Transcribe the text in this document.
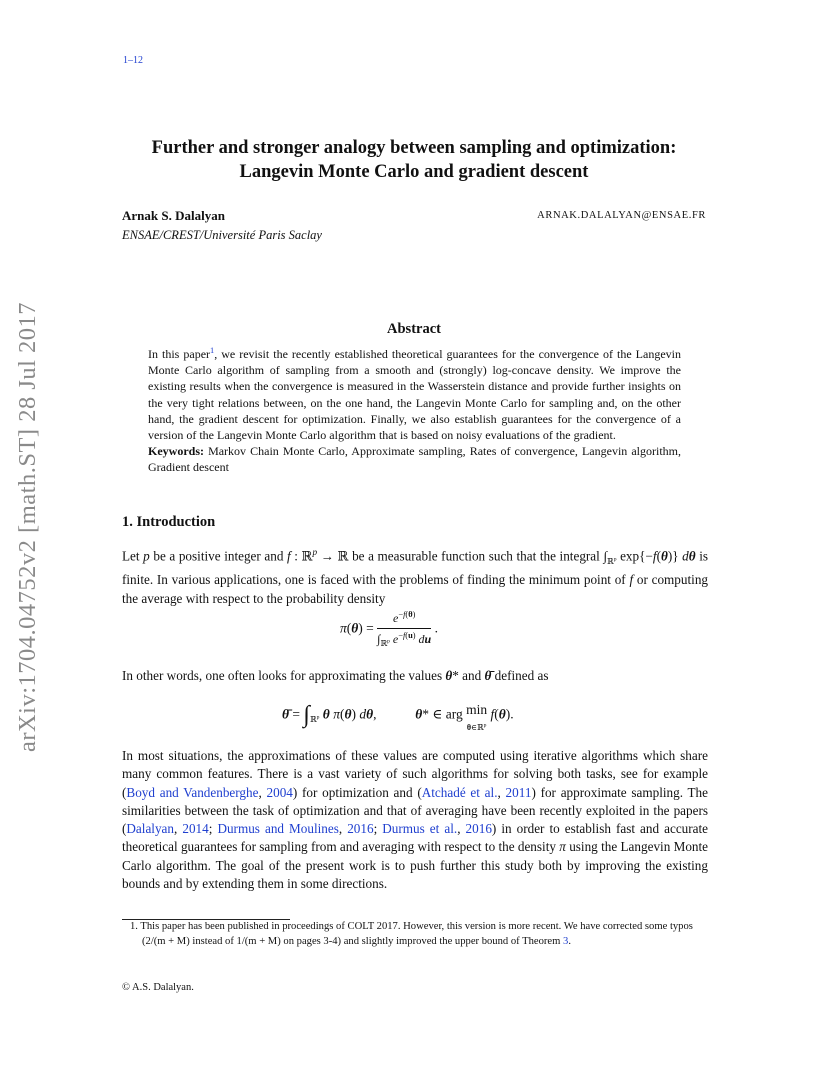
1–12
Further and stronger analogy between sampling and optimization:
Langevin Monte Carlo and gradient descent
Arnak S. Dalalyan	ARNAK.DALALYAN@ENSAE.FR
ENSAE/CREST/Université Paris Saclay
arXiv:1704.04752v2 [math.ST] 28 Jul 2017	Abstract

In this paper$^1$, we revisit the recently established theoretical guarantees for the convergence of the Langevin Monte Carlo algorithm of sampling from a smooth and (strongly) log-concave density. We improve the existing results when the convergence is measured in the Wasserstein distance and provide further insights on the very tight relations between, on the one hand, the Langevin Monte Carlo for sampling and, on the other hand, the gradient descent for optimization. Finally, we also establish guarantees for the convergence of a version of the Langevin Monte Carlo algorithm that is based on noisy evaluations of the gradient.

Keywords: Markov Chain Monte Carlo, Approximate sampling, Rates of convergence, Langevin algorithm, Gradient descent

1. Introduction

Let p be a positive integer and f : ℝ$^p$ → ℝ be a measurable function such that the integral $\int_{ℝ^p}$ exp{−f(θ)} dθ is finite. In various applications, one is faced with the problems of finding the minimum point of f or computing the average with respect to the probability density

$\pi(\theta) = \frac{e^{-f(\theta)}}{\int_{ℝ^p} e^{-f(u)} du}$ .

In other words, one often looks for approximating the values θ* and θ̄ defined as

θ̄ = $\int_{ℝ^p}$ θ π(θ) dθ,	θ* ∈ arg min
θ∈ℝ$^p$ f(θ).

In most situations, the approximations of these values are computed using iterative algorithms which share many common features. There is a vast variety of such algorithms for solving both tasks, see for example (Boyd and Vandenberghe, 2004) for optimization and (Atchadé et al., 2011) for approximate sampling. The similarities between the task of optimization and that of averaging have been recently exploited in the papers (Dalalyan, 2014; Durmus and Moulines, 2016; Durmus et al., 2016) in order to establish fast and accurate theoretical guarantees for sampling from and averaging with respect to the density π using the Langevin Monte Carlo algorithm. The goal of the present work is to push further this study both by improving the existing bounds and by extending them in some directions.

1. This paper has been published in proceedings of COLT 2017. However, this version is more recent. We have corrected some typos (2/(m + M) instead of 1/(m + M) on pages 3-4) and slightly improved the upper bound of Theorem 3.

© A.S. Dalalyan.
